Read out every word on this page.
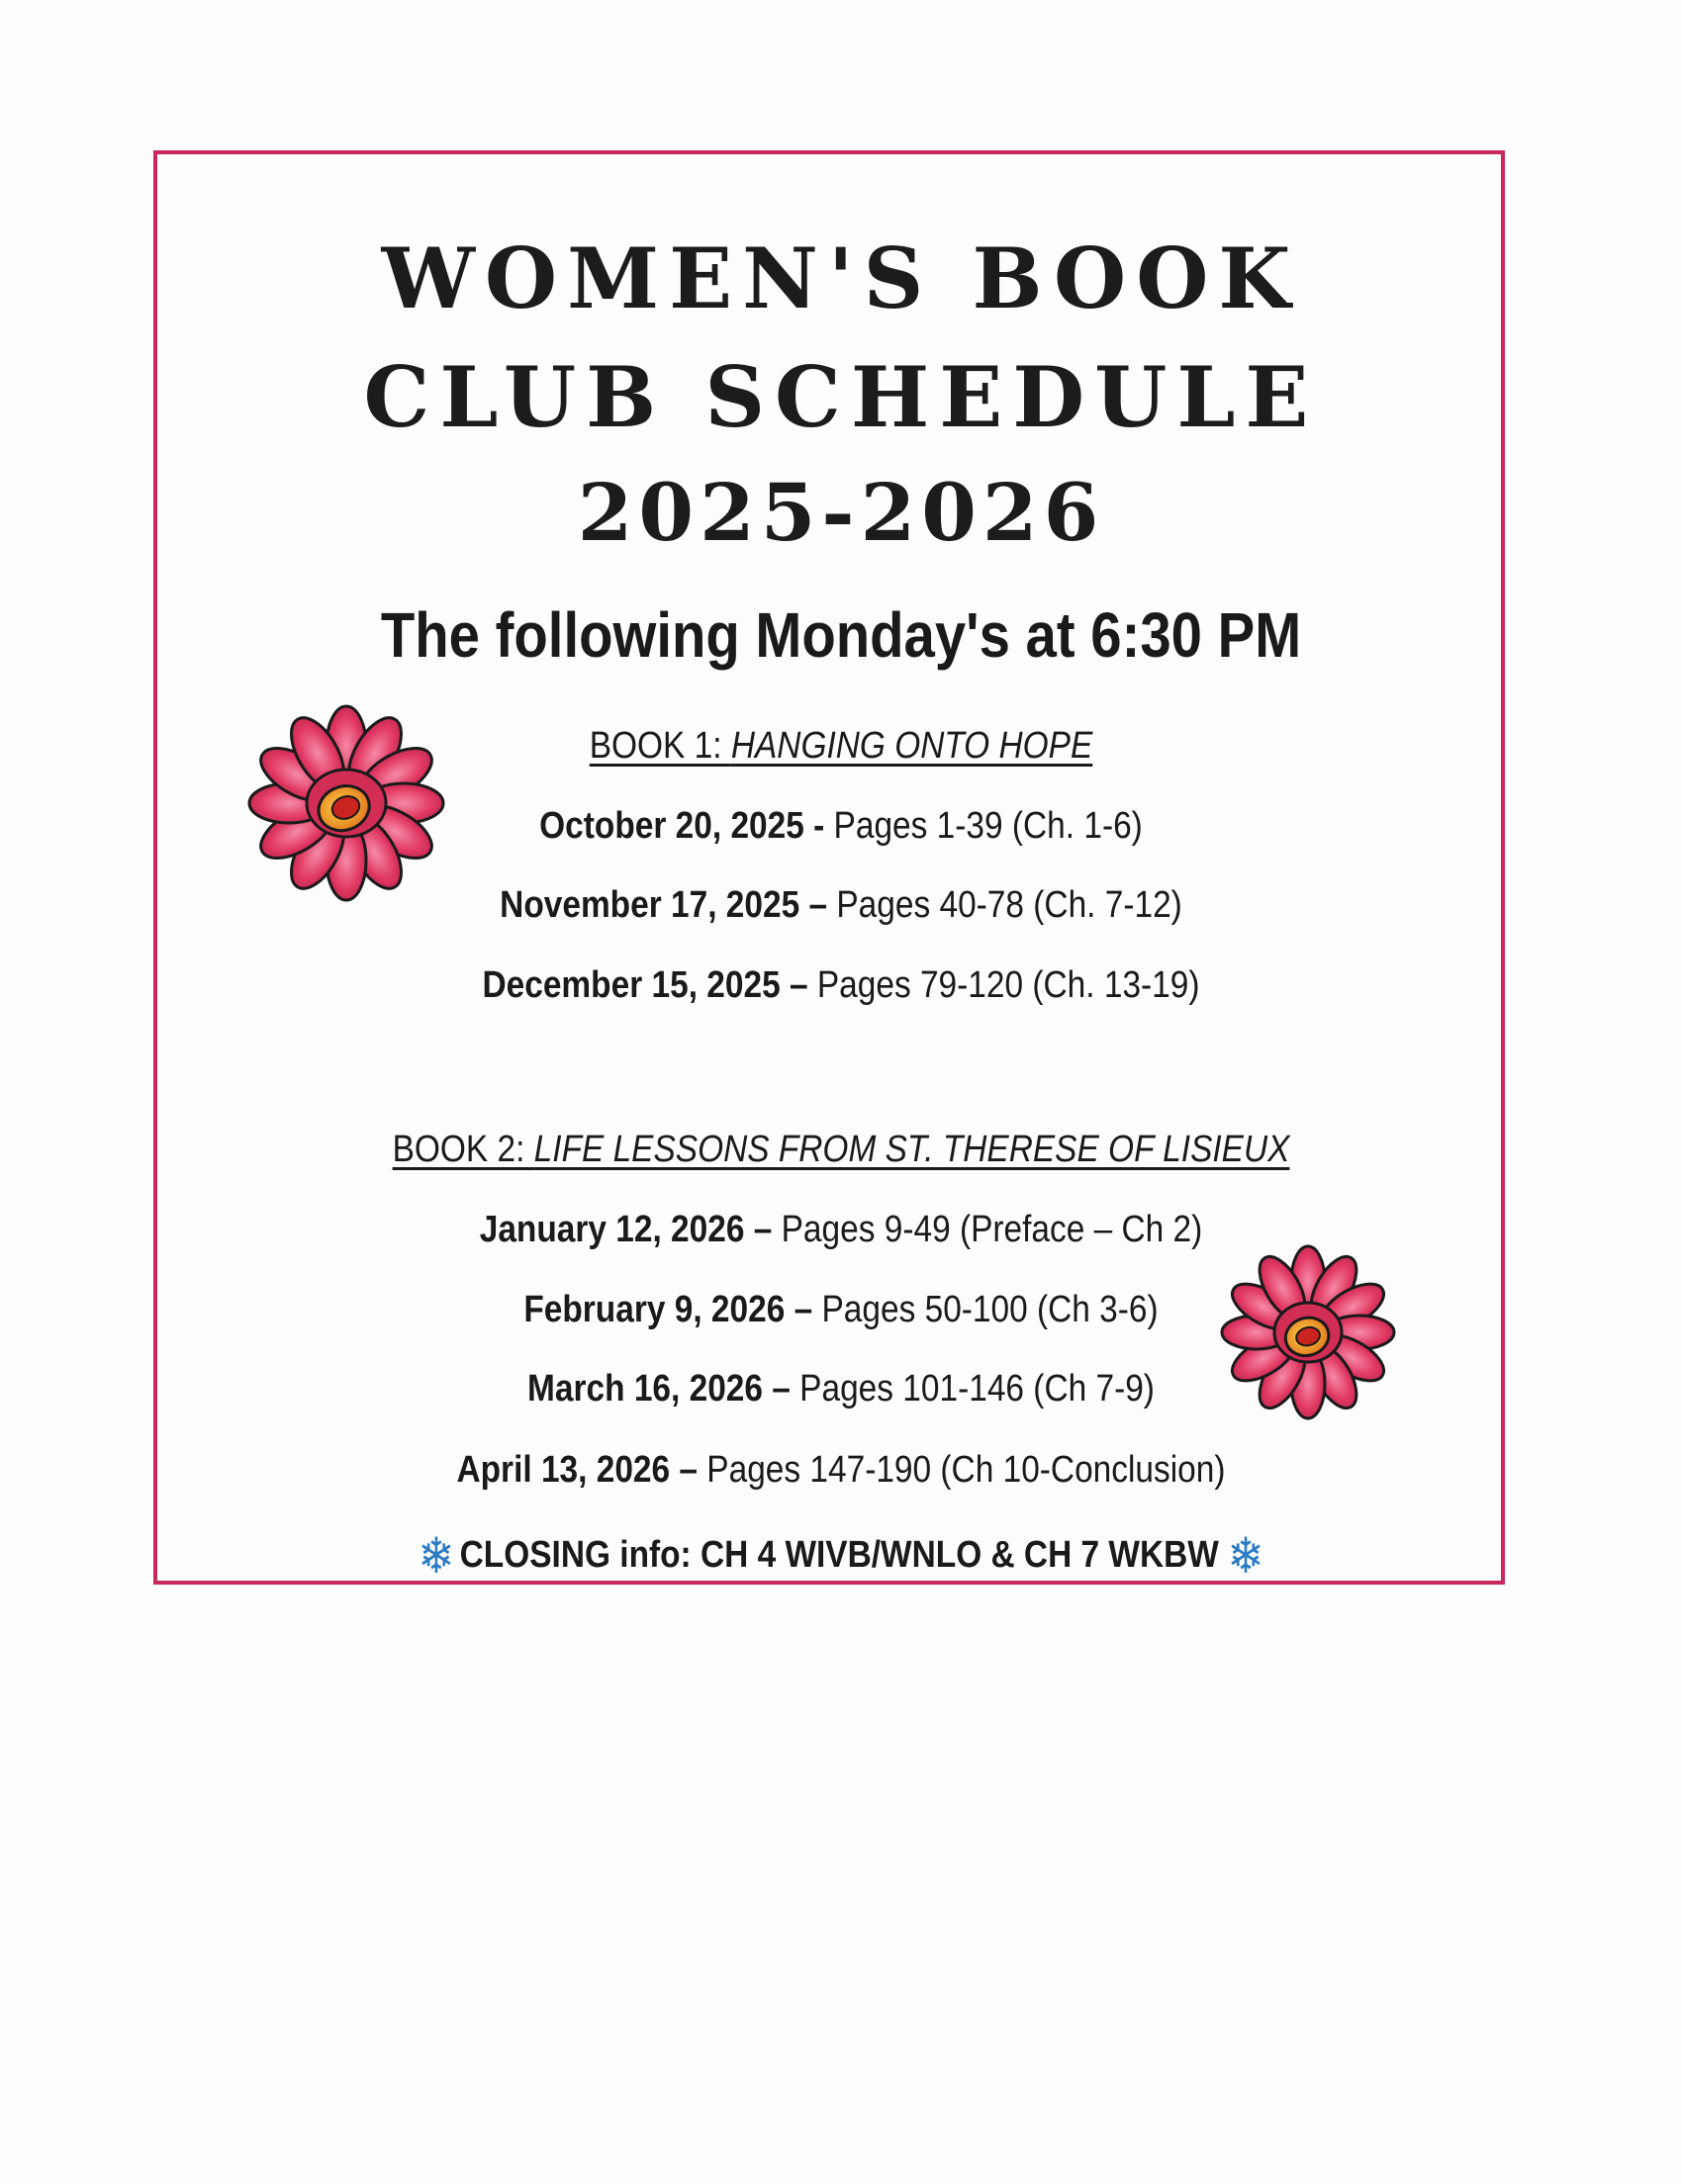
WOMEN'S BOOK
CLUB SCHEDULE
2025-2026
The following Monday's at 6:30 PM
BOOK 1: HANGING ONTO HOPE
October 20, 2025 - Pages 1-39 (Ch. 1-6)
November 17, 2025 – Pages 40-78 (Ch. 7-12)
December 15, 2025 – Pages 79-120 (Ch. 13-19)
BOOK 2: LIFE LESSONS FROM ST. THERESE OF LISIEUX
January 12, 2026 – Pages 9-49 (Preface – Ch 2)
February 9, 2026 – Pages 50-100 (Ch 3-6)
March 16, 2026 – Pages 101-146 (Ch 7-9)
April 13, 2026 – Pages 147-190 (Ch 10-Conclusion)
❄ CLOSING info: CH 4 WIVB/WNLO & CH 7 WKBW ❄
